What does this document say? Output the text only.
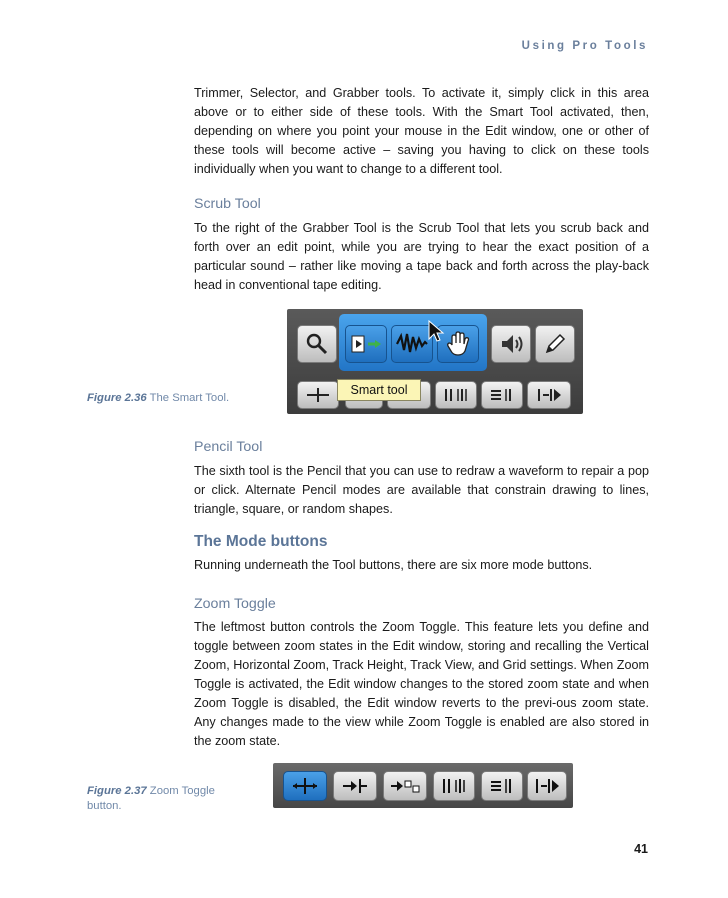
Using Pro Tools

Trimmer, Selector, and Grabber tools. To activate it, simply click in this area above or to either side of these tools. With the Smart Tool activated, then, depending on where you point your mouse in the Edit window, one or other of these tools will become active – saving you having to click on these tools individually when you want to change to a different tool.

Scrub Tool

To the right of the Grabber Tool is the Scrub Tool that lets you scrub back and forth over an edit point, while you are trying to hear the exact position of a particular sound – rather like moving a tape back and forth across the play-back head in conventional tape editing.

Smart tool
Figure 2.36 The Smart Tool.
Pencil Tool

The sixth tool is the Pencil that you can use to redraw a waveform to repair a pop or click. Alternate Pencil modes are available that constrain drawing to lines, triangle, square, or random shapes.

The Mode buttons

Running underneath the Tool buttons, there are six more mode buttons.

Zoom Toggle

The leftmost button controls the Zoom Toggle. This feature lets you define and toggle between zoom states in the Edit window, storing and recalling the Vertical Zoom, Horizontal Zoom, Track Height, Track View, and Grid settings. When Zoom Toggle is activated, the Edit window changes to the stored zoom state and when Zoom Toggle is disabled, the Edit window reverts to the previ-ous zoom state. Any changes made to the view while Zoom Toggle is enabled are also stored in the zoom state.

Figure 2.37 Zoom Toggle button.
41
